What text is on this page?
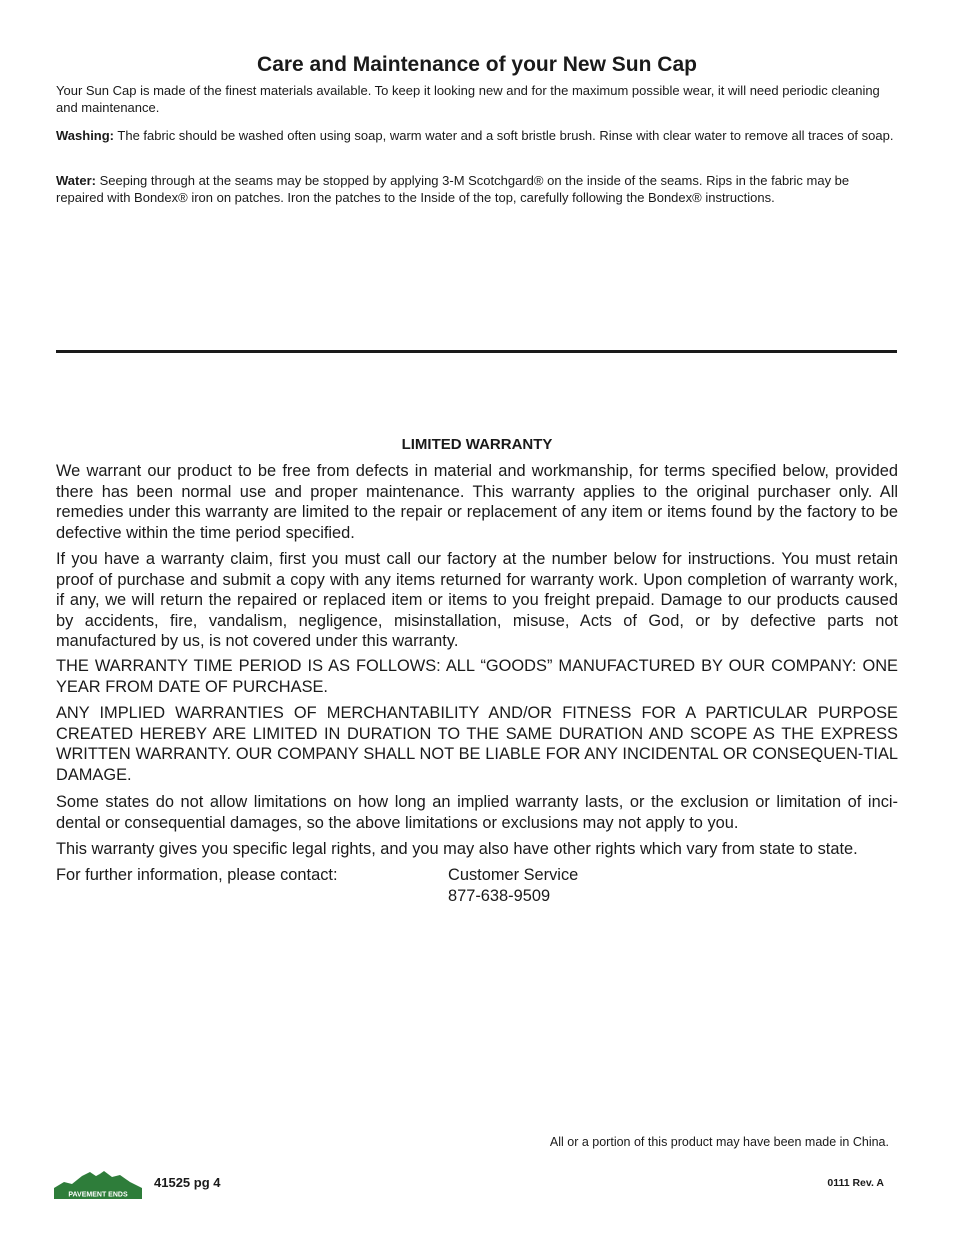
Care and Maintenance of your New Sun Cap

Your Sun Cap is made of the finest materials available. To keep it looking new and for the maximum possible wear, it will need periodic cleaning and maintenance.

Washing: The fabric should be washed often using soap, warm water and a soft bristle brush. Rinse with clear water to remove all traces of soap.

Water: Seeping through at the seams may be stopped by applying 3-M Scotchgard® on the inside of the seams. Rips in the fabric may be repaired with Bondex® iron on patches. Iron the patches to the Inside of the top, carefully following the Bondex® instructions.

LIMITED WARRANTY

We warrant our product to be free from defects in material and workmanship, for terms specified below, provided there has been normal use and proper maintenance. This warranty applies to the original purchaser only. All remedies under this warranty are limited to the repair or replacement of any item or items found by the factory to be defective within the time period specified.

If you have a warranty claim, first you must call our factory at the number below for instructions. You must retain proof of purchase and submit a copy with any items returned for warranty work. Upon completion of warranty work, if any, we will return the repaired or replaced item or items to you freight prepaid. Damage to our products caused by accidents, fire, vandalism, negligence, misinstallation, misuse, Acts of God, or by defective parts not manufactured by us, is not covered under this warranty.

THE WARRANTY TIME PERIOD IS AS FOLLOWS: ALL “GOODS” MANUFACTURED BY OUR COMPANY: ONE YEAR FROM DATE OF PURCHASE.

ANY IMPLIED WARRANTIES OF MERCHANTABILITY AND/OR FITNESS FOR A PARTICULAR PURPOSE CREATED HEREBY ARE LIMITED IN DURATION TO THE SAME DURATION AND SCOPE AS THE EXPRESS WRITTEN WARRANTY. OUR COMPANY SHALL NOT BE LIABLE FOR ANY INCIDENTAL OR CONSEQUEN-TIAL DAMAGE.

Some states do not allow limitations on how long an implied warranty lasts, or the exclusion or limitation of inci-dental or consequential damages, so the above limitations or exclusions may not apply to you.

This warranty gives you specific legal rights, and you may also have other rights which vary from state to state.

For further information, please contact:	Customer Service
877-638-9509
All or a portion of this product may have been made in China.
PAVEMENT ENDS
41525 pg 4	0111 Rev. A
